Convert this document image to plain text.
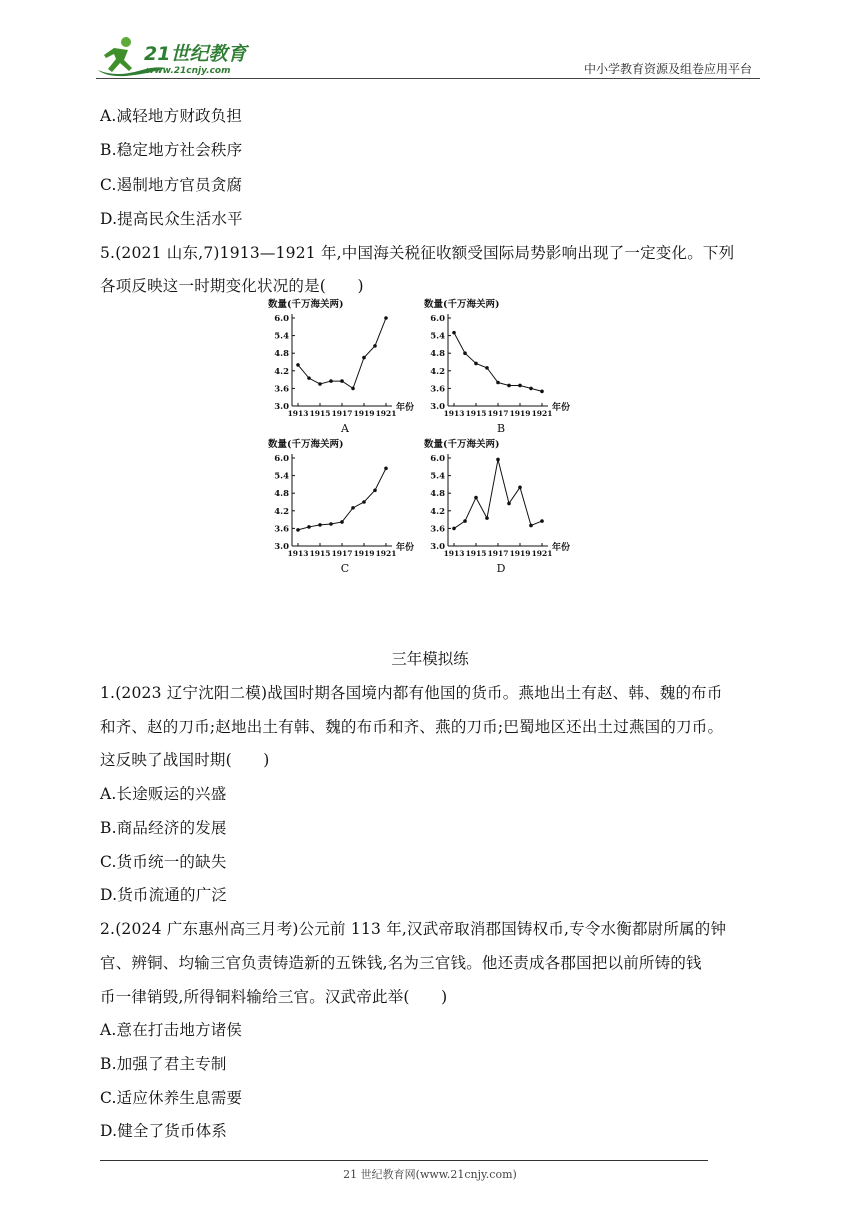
21世纪教育
www.21cnjy.com	中小学教育资源及组卷应用平台
A.减轻地方财政负担
B.稳定地方社会秩序
C.遏制地方官员贪腐
D.提高民众生活水平
5.(2021 山东,7)1913—1921 年,中国海关税征收额受国际局势影响出现了一定变化。下列
各项反映这一时期变化状况的是(　　)
数量(千万海关两)
3.0
3.6
4.2
4.8
5.4
6.0
1913 1915 1917 1919 1921
年份
A
数量(千万海关两)
3.0
3.6
4.2
4.8
5.4
6.0
1913 1915 1917 1919 1921
年份
B
数量(千万海关两)
3.0
3.6
4.2
4.8
5.4
6.0
1913 1915 1917 1919 1921
年份
C
数量(千万海关两)
3.0
3.6
4.2
4.8
5.4
6.0
1913 1915 1917 1919 1921
年份
D
三年模拟练
1.(2023 辽宁沈阳二模)战国时期各国境内都有他国的货币。燕地出土有赵、韩、魏的布币
和齐、赵的刀币;赵地出土有韩、魏的布币和齐、燕的刀币;巴蜀地区还出土过燕国的刀币。
这反映了战国时期(　　)
A.长途贩运的兴盛
B.商品经济的发展
C.货币统一的缺失
D.货币流通的广泛
2.(2024 广东惠州高三月考)公元前 113 年,汉武帝取消郡国铸权币,专令水衡都尉所属的钟
官、辨铜、均输三官负责铸造新的五铢钱,名为三官钱。他还责成各郡国把以前所铸的钱
币一律销毁,所得铜料输给三官。汉武帝此举(　　)
A.意在打击地方诸侯
B.加强了君主专制
C.适应休养生息需要
D.健全了货币体系
21 世纪教育网(www.21cnjy.com)
